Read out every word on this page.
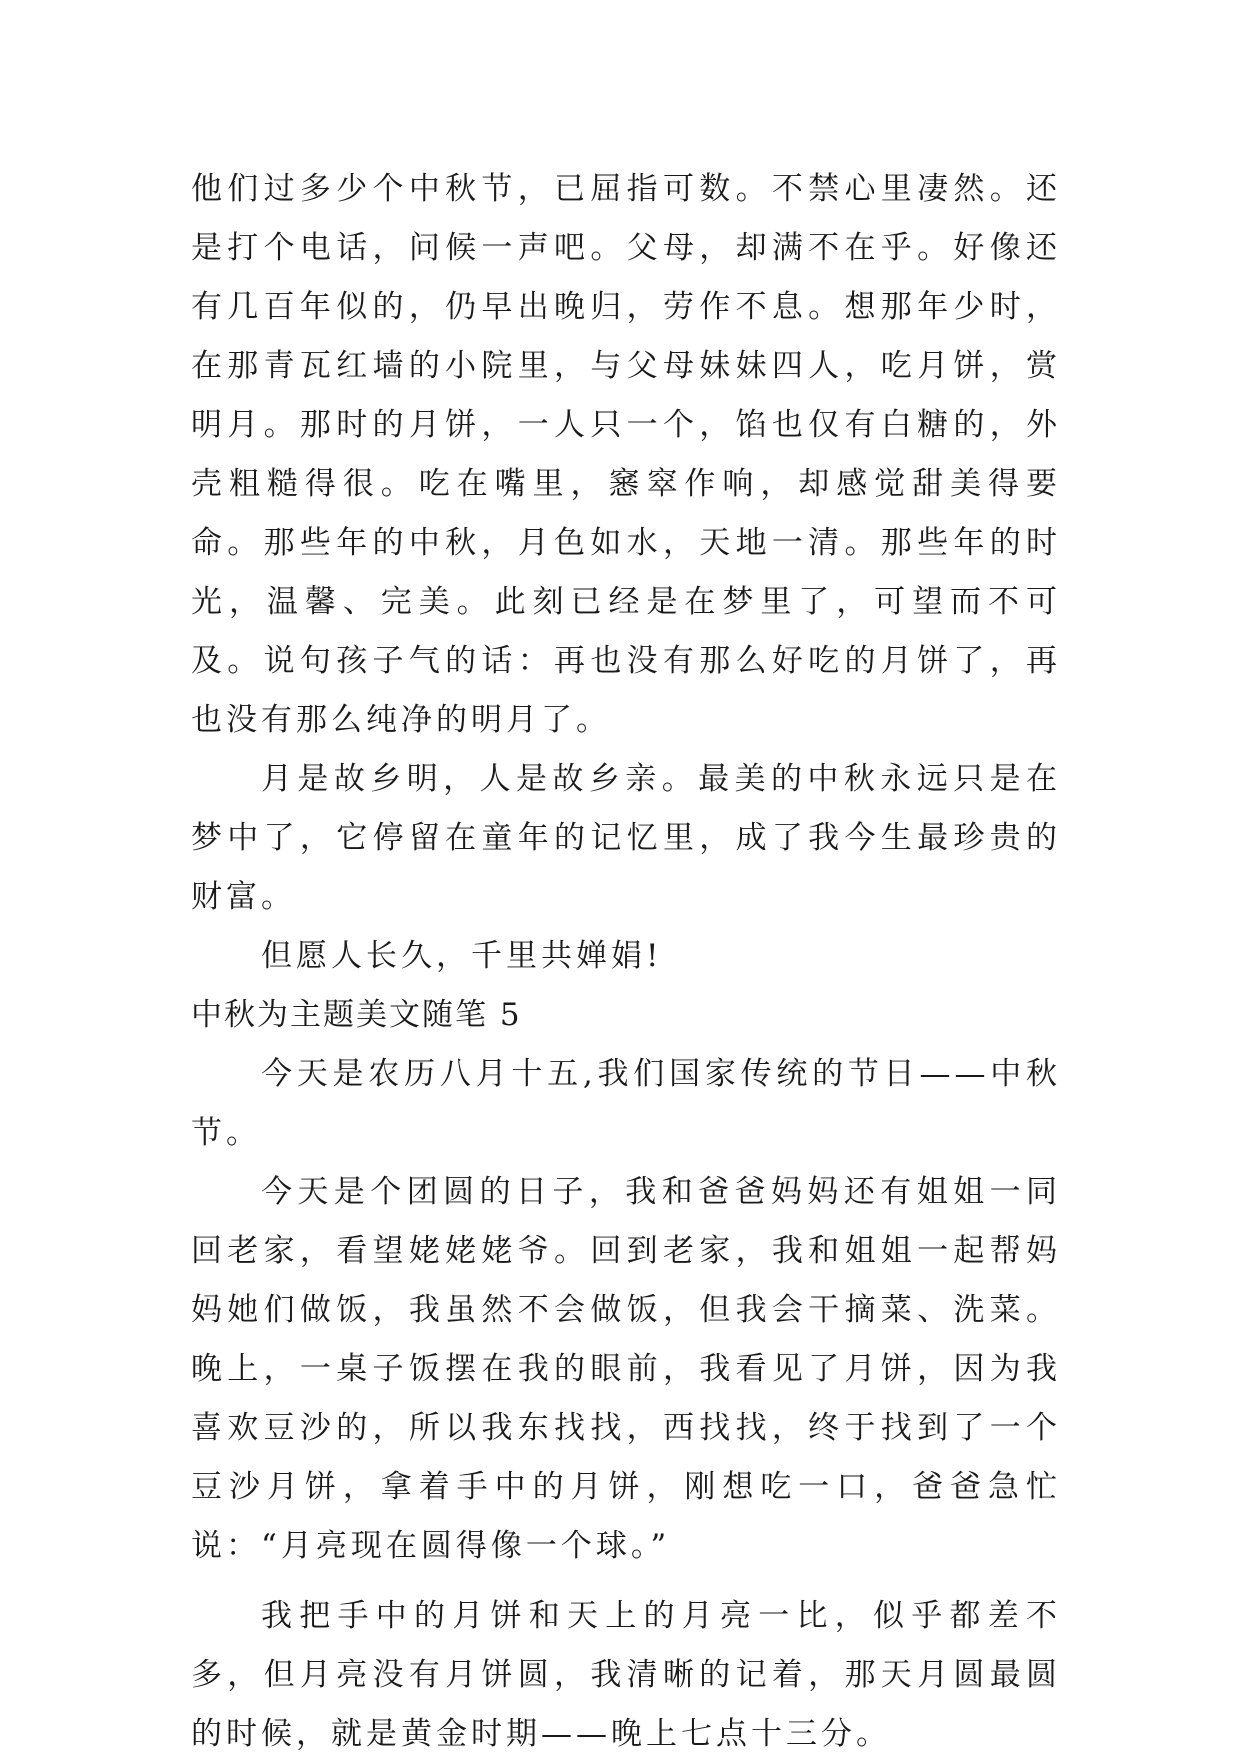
他们过多少个中秋节，已屈指可数。不禁心里凄然。还是打个电话，问候一声吧。父母，却满不在乎。好像还有几百年似的，仍早出晚归，劳作不息。想那年少时，在那青瓦红墙的小院里，与父母妹妹四人，吃月饼，赏明月。那时的月饼，一人只一个，馅也仅有白糖的，外壳粗糙得很。吃在嘴里，窸窣作响，却感觉甜美得要命。那些年的中秋，月色如水，天地一清。那些年的时光，温馨、完美。此刻已经是在梦里了，可望而不可及。说句孩子气的话：再也没有那么好吃的月饼了，再也没有那么纯净的明月了。

月是故乡明，人是故乡亲。最美的中秋永远只是在梦中了，它停留在童年的记忆里，成了我今生最珍贵的财富。

但愿人长久，千里共婵娟!

中秋为主题美文随笔 5

今天是农历八月十五,我们国家传统的节日——中秋节。

今天是个团圆的日子，我和爸爸妈妈还有姐姐一同回老家，看望姥姥姥爷。回到老家，我和姐姐一起帮妈妈她们做饭，我虽然不会做饭，但我会干摘菜、洗菜。晚上，一桌子饭摆在我的眼前，我看见了月饼，因为我喜欢豆沙的，所以我东找找，西找找，终于找到了一个豆沙月饼，拿着手中的月饼，刚想吃一口，爸爸急忙说：“月亮现在圆得像一个球。”

我把手中的月饼和天上的月亮一比，似乎都差不多，但月亮没有月饼圆，我清晰的记着，那天月圆最圆的时候，就是黄金时期——晚上七点十三分。
